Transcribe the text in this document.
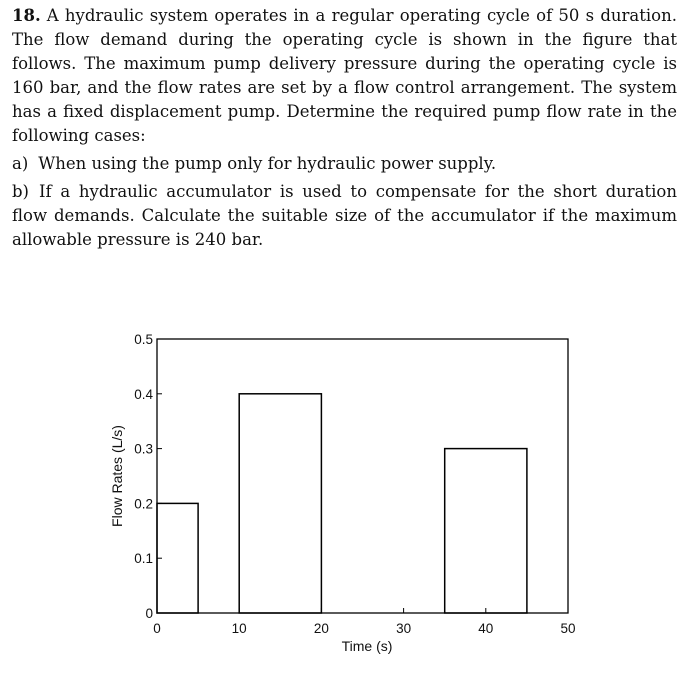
18. A hydraulic system operates in a regular operating cycle of 50 s duration. The flow demand during the operating cycle is shown in the figure that follows. The maximum pump delivery pressure during the operating cycle is 160 bar, and the flow rates are set by a flow control arrangement. The system has a fixed displacement pump. Determine the required pump flow rate in the following cases:

a) When using the pump only for hydraulic power supply.

b) If a hydraulic accumulator is used to compensate for the short duration flow demands. Calculate the suitable size of the accumulator if the maximum allowable pressure is 240 bar.

0	10	20	30	40	50
0
0.1
0.2
0.3
0.4
0.5
Time (s)
Flow Rates (L/s)
